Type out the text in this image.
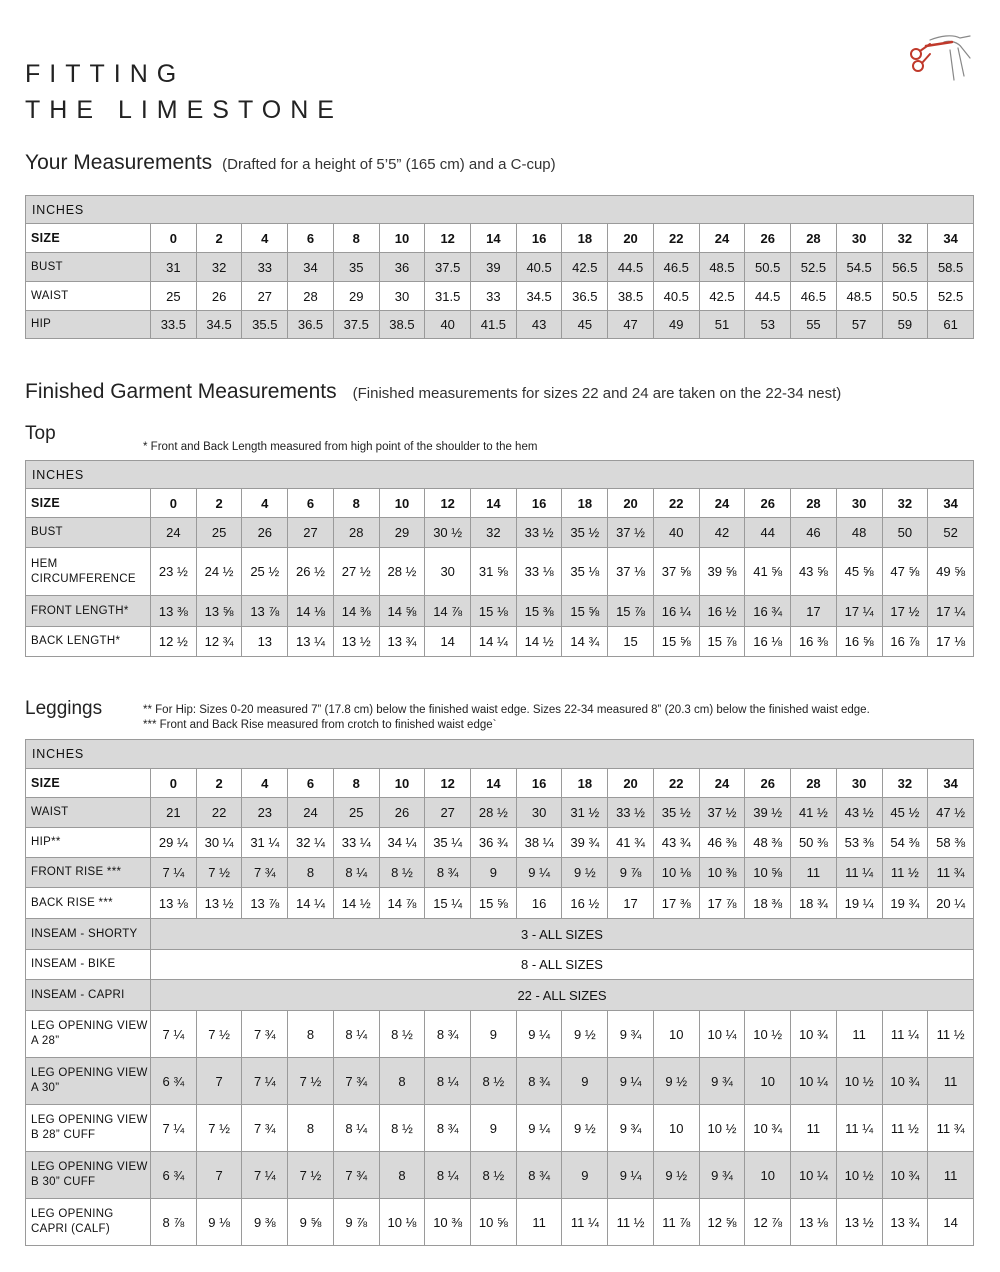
FITTING
THE LIMESTONE
Your Measurements (Drafted for a height of 5’5” (165 cm) and a C-cup)
INCHES																		
SIZE	0	2	4	6	8	10	12	14	16	18	20	22	24	26	28	30	32	34
BUST	31	32	33	34	35	36	37.5	39	40.5	42.5	44.5	46.5	48.5	50.5	52.5	54.5	56.5	58.5
WAIST	25	26	27	28	29	30	31.5	33	34.5	36.5	38.5	40.5	42.5	44.5	46.5	48.5	50.5	52.5
HIP	33.5	34.5	35.5	36.5	37.5	38.5	40	41.5	43	45	47	49	51	53	55	57	59	61
Finished Garment Measurements (Finished measurements for sizes 22 and 24 are taken on the 22-34 nest)
Top
* Front and Back Length measured from high point of the shoulder to the hem
INCHES																		
SIZE	0	2	4	6	8	10	12	14	16	18	20	22	24	26	28	30	32	34
BUST	24	25	26	27	28	29	30 ½	32	33 ½	35 ½	37 ½	40	42	44	46	48	50	52
HEM CIRCUMFERENCE	23 ½	24 ½	25 ½	26 ½	27 ½	28 ½	30	31 ⅝	33 ⅛	35 ⅛	37 ⅛	37 ⅝	39 ⅝	41 ⅝	43 ⅝	45 ⅝	47 ⅝	49 ⅝
FRONT LENGTH*	13 ⅜	13 ⅝	13 ⅞	14 ⅛	14 ⅜	14 ⅝	14 ⅞	15 ⅛	15 ⅜	15 ⅝	15 ⅞	16 ¼	16 ½	16 ¾	17	17 ¼	17 ½	17 ¼
BACK LENGTH*	12 ½	12 ¾	13	13 ¼	13 ½	13 ¾	14	14 ¼	14 ½	14 ¾	15	15 ⅝	15 ⅞	16 ⅛	16 ⅜	16 ⅝	16 ⅞	17 ⅛
Leggings	** For Hip: Sizes 0-20 measured 7” (17.8 cm) below the finished waist edge. Sizes 22-34 measured 8” (20.3 cm) below the finished waist edge.
*** Front and Back Rise measured from crotch to finished waist edge`
INCHES																		
SIZE	0	2	4	6	8	10	12	14	16	18	20	22	24	26	28	30	32	34
WAIST	21	22	23	24	25	26	27	28 ½	30	31 ½	33 ½	35 ½	37 ½	39 ½	41 ½	43 ½	45 ½	47 ½
HIP**	29 ¼	30 ¼	31 ¼	32 ¼	33 ¼	34 ¼	35 ¼	36 ¾	38 ¼	39 ¾	41 ¾	43 ¾	46 ⅜	48 ⅜	50 ⅜	53 ⅜	54 ⅜	58 ⅜
FRONT RISE ***	7 ¼	7 ½	7 ¾	8	8 ¼	8 ½	8 ¾	9	9 ¼	9 ½	9 ⅞	10 ⅛	10 ⅜	10 ⅝	11	11 ¼	11 ½	11 ¾
BACK RISE ***	13 ⅛	13 ½	13 ⅞	14 ¼	14 ½	14 ⅞	15 ¼	15 ⅝	16	16 ½	17	17 ⅜	17 ⅞	18 ⅜	18 ¾	19 ¼	19 ¾	20 ¼
INSEAM - SHORTY	3 - ALL SIZES																	
INSEAM - BIKE	8 - ALL SIZES																	
INSEAM - CAPRI	22 - ALL SIZES																	
LEG OPENING VIEW A 28”	7 ¼	7 ½	7 ¾	8	8 ¼	8 ½	8 ¾	9	9 ¼	9 ½	9 ¾	10	10 ¼	10 ½	10 ¾	11	11 ¼	11 ½
LEG OPENING VIEW A 30”	6 ¾	7	7 ¼	7 ½	7 ¾	8	8 ¼	8 ½	8 ¾	9	9 ¼	9 ½	9 ¾	10	10 ¼	10 ½	10 ¾	11
LEG OPENING VIEW B 28” CUFF	7 ¼	7 ½	7 ¾	8	8 ¼	8 ½	8 ¾	9	9 ¼	9 ½	9 ¾	10	10 ½	10 ¾	11	11 ¼	11 ½	11 ¾
LEG OPENING VIEW B 30” CUFF	6 ¾	7	7 ¼	7 ½	7 ¾	8	8 ¼	8 ½	8 ¾	9	9 ¼	9 ½	9 ¾	10	10 ¼	10 ½	10 ¾	11
LEG OPENING CAPRI (CALF)	8 ⅞	9 ⅛	9 ⅜	9 ⅝	9 ⅞	10 ⅛	10 ⅜	10 ⅝	11	11 ¼	11 ½	11 ⅞	12 ⅝	12 ⅞	13 ⅛	13 ½	13 ¾	14
